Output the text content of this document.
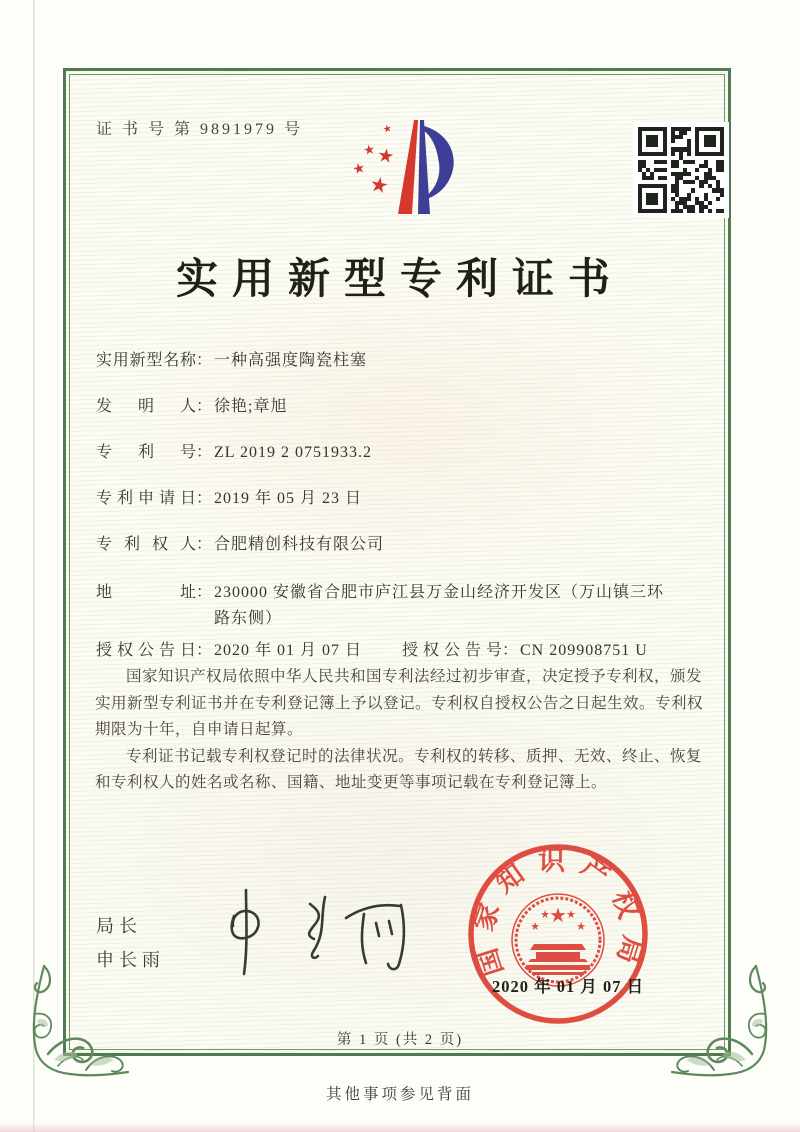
证 书 号 第 9891979 号	★
★ ★
★
★
实用新型专利证书
实用新型名称 ： 一种高强度陶瓷柱塞
发明人 ： 徐艳;章旭
专利号 ： ZL 2019 2 0751933.2
专利申请日 ： 2019 年 05 月 23 日
专利权人 ： 合肥精创科技有限公司
地址 ： 230000 安徽省合肥市庐江县万金山经济开发区（万山镇三环路东侧）
授权公告日 ： 2020 年 01 月 07 日	授权公告号 ： CN 209908751 U

国家知识产权局依照中华人民共和国专利法经过初步审查，决定授予专利权，颁发实用新型专利证书并在专利登记簿上予以登记。专利权自授权公告之日起生效。专利权期限为十年，自申请日起算。

专利证书记载专利权登记时的法律状况。专利权的转移、质押、无效、终止、恢复和专利权人的姓名或名称、国籍、地址变更等事项记载在专利登记簿上。

局长
申长雨	国家知识产权局
★
★
★ ★
★
2020 年 01 月 07 日
第 1 页 (共 2 页)
其他事项参见背面
